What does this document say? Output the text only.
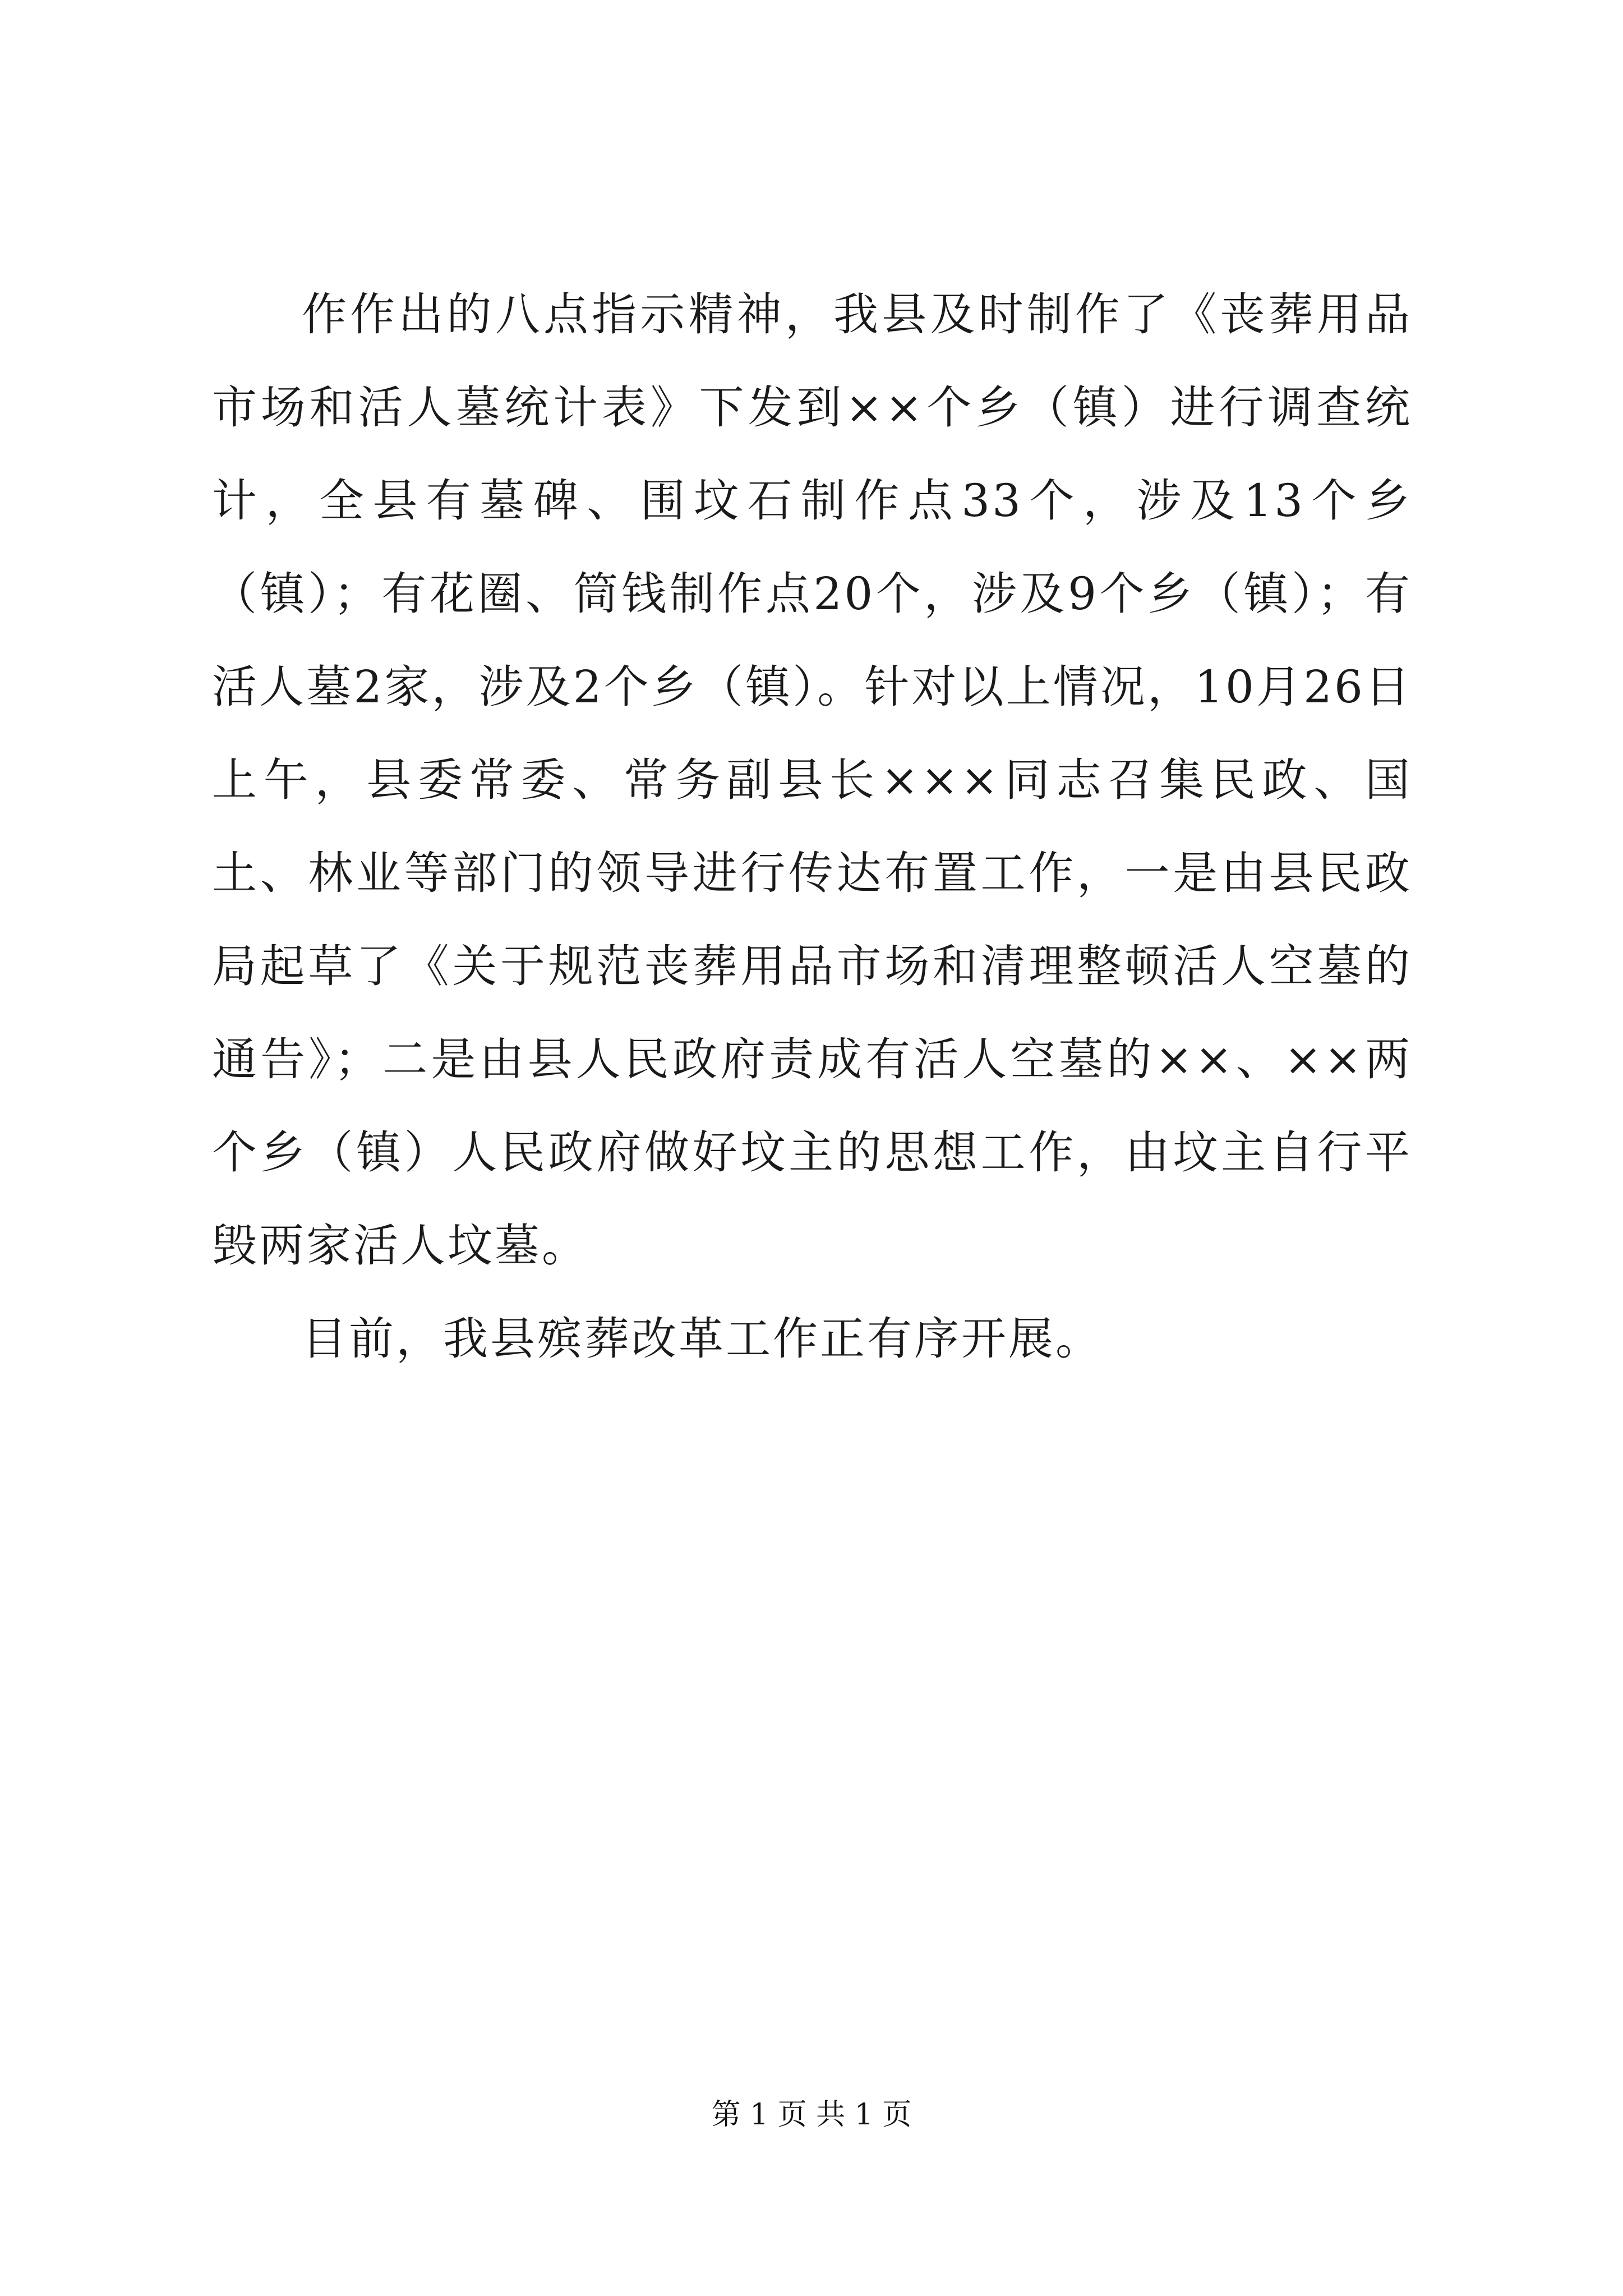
作作出的八点指示精神，我县及时制作了《丧葬用品市场和活人墓统计表》下发到××个乡（镇）进行调查统计，全县有墓碑、围坟石制作点33个，涉及13个乡（镇）；有花圈、筒钱制作点20个，涉及9个乡（镇）；有活人墓2家，涉及2个乡（镇）。针对以上情况，10月26日上午，县委常委、常务副县长×××同志召集民政、国土、林业等部门的领导进行传达布置工作，一是由县民政局起草了《关于规范丧葬用品市场和清理整顿活人空墓的通告》；二是由县人民政府责成有活人空墓的××、××两个乡（镇）人民政府做好坟主的思想工作，由坟主自行平毁两家活人坟墓。

目前，我县殡葬改革工作正有序开展。

第 1 页 共 1 页
